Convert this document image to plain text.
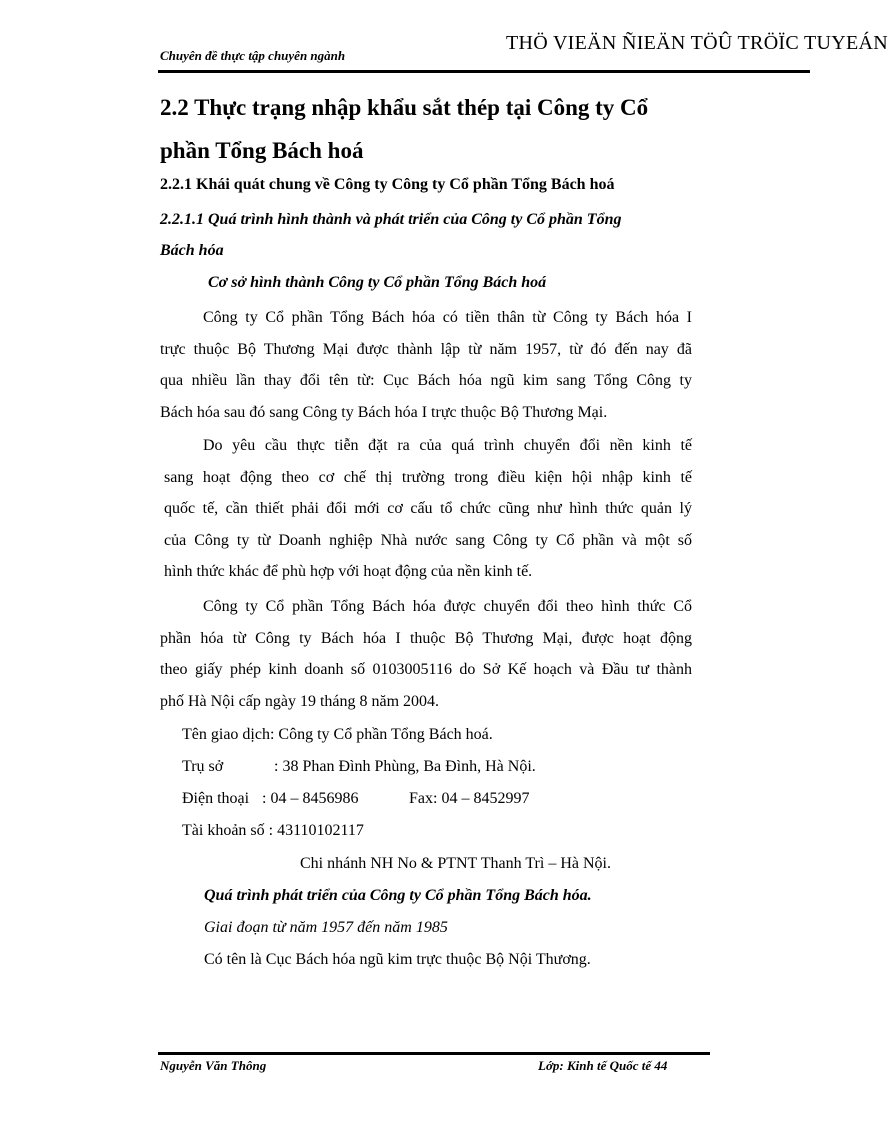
Chuyên đề thực tập chuyên ngành
THÖ VIEÄN ÑIEÄN TÖÛ TRÖÏC TUYEÁN
2.2 Thực trạng nhập khẩu sắt thép tại Công ty Cổ
phần Tổng Bách hoá
2.2.1 Khái quát chung về Công ty Công ty Cổ phần Tổng Bách hoá
2.2.1.1 Quá trình hình thành và phát triển của Công ty Cổ phần Tổng
Bách hóa
Cơ sở hình thành Công ty Cổ phần Tổng Bách hoá
Công ty Cổ phần Tổng Bách hóa có tiền thân từ Công ty Bách hóa I
trực thuộc Bộ Thương Mại được thành lập từ năm 1957, từ đó đến nay đã
qua nhiều lần thay đổi tên từ: Cục Bách hóa ngũ kim sang Tổng Công ty
Bách hóa sau đó sang Công ty Bách hóa I trực thuộc Bộ Thương Mại.
Do yêu cầu thực tiễn đặt ra của quá trình chuyển đổi nền kinh tế
sang hoạt động theo cơ chế thị trường trong điều kiện hội nhập kinh tế
quốc tế, cần thiết phải đổi mới cơ cấu tổ chức cũng như hình thức quản lý
của Công ty từ Doanh nghiệp Nhà nước sang Công ty Cổ phần và một số
hình thức khác để phù hợp với hoạt động của nền kinh tế.
Công ty Cổ phần Tổng Bách hóa được chuyển đổi theo hình thức Cổ
phần hóa từ Công ty Bách hóa I thuộc Bộ Thương Mại, được hoạt động
theo giấy phép kinh doanh số 0103005116 do Sở Kế hoạch và Đầu tư thành
phố Hà Nội cấp ngày 19 tháng 8 năm 2004.
Tên giao dịch: Công ty Cổ phần Tổng Bách hoá.
Trụ sở	: 38 Phan Đình Phùng, Ba Đình, Hà Nội.
Điện thoại : 04 – 8456986	Fax: 04 – 8452997
Tài khoản số : 43110102117
Chi nhánh NH No & PTNT Thanh Trì – Hà Nội.
Quá trình phát triển của Công ty Cổ phần Tổng Bách hóa.
Giai đoạn từ năm 1957 đến năm 1985
Có tên là Cục Bách hóa ngũ kim trực thuộc Bộ Nội Thương.
Nguyễn Văn Thông	Lớp: Kinh tế Quốc tế 44
